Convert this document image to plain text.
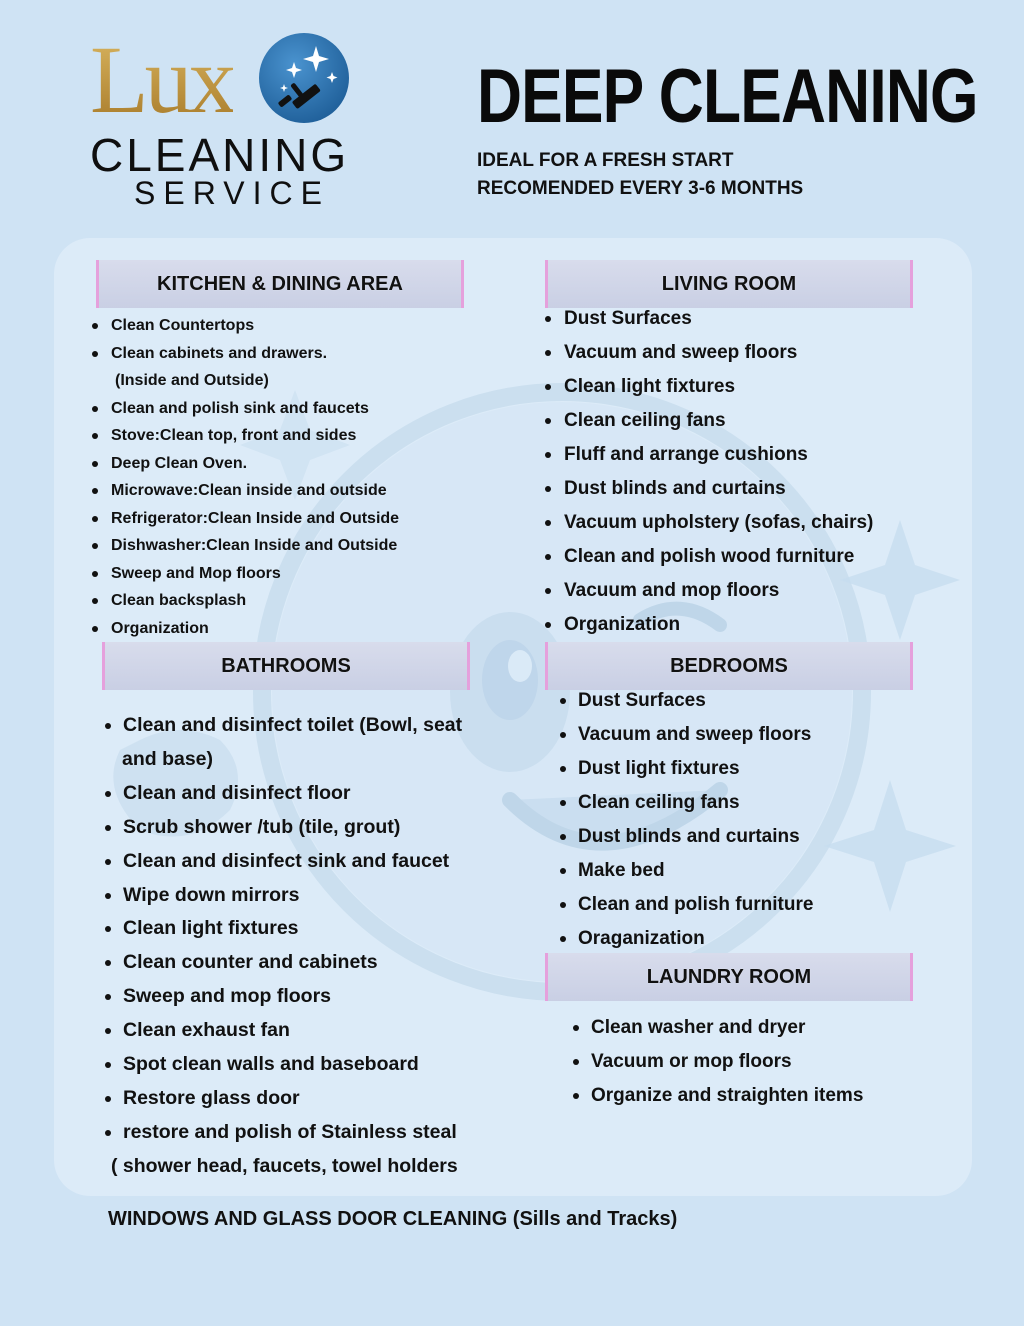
Lux
CLEANING
SERVICE
DEEP CLEANING
IDEAL FOR A FRESH START
RECOMENDED EVERY 3-6 MONTHS
KITCHEN & DINING AREA
Clean Countertops
Clean cabinets and drawers.
(Inside and Outside)
Clean and polish sink and faucets
Stove:Clean top, front and sides
Deep Clean Oven.
Microwave:Clean inside and outside
Refrigerator:Clean Inside and Outside
Dishwasher:Clean Inside and Outside
Sweep and Mop floors
Clean backsplash
Organization
LIVING ROOM
Dust Surfaces
Vacuum and sweep floors
Clean light fixtures
Clean ceiling fans
Fluff and arrange cushions
Dust blinds and curtains
Vacuum upholstery (sofas, chairs)
Clean and polish wood furniture
Vacuum and mop floors
Organization
BATHROOMS
Clean and disinfect toilet (Bowl, seat
and base)
Clean and disinfect floor
Scrub shower /tub (tile, grout)
Clean and disinfect sink and faucet
Wipe down mirrors
Clean light fixtures
Clean counter and cabinets
Sweep and mop floors
Clean exhaust fan
Spot clean walls and baseboard
Restore glass door
restore and polish of Stainless steal
( shower head, faucets, towel holders
BEDROOMS
Dust Surfaces
Vacuum and sweep floors
Dust light fixtures
Clean ceiling fans
Dust blinds and curtains
Make bed
Clean and polish furniture
Oraganization
LAUNDRY ROOM
Clean washer and dryer
Vacuum or mop floors
Organize and straighten items
WINDOWS AND GLASS DOOR CLEANING (Sills and Tracks)
